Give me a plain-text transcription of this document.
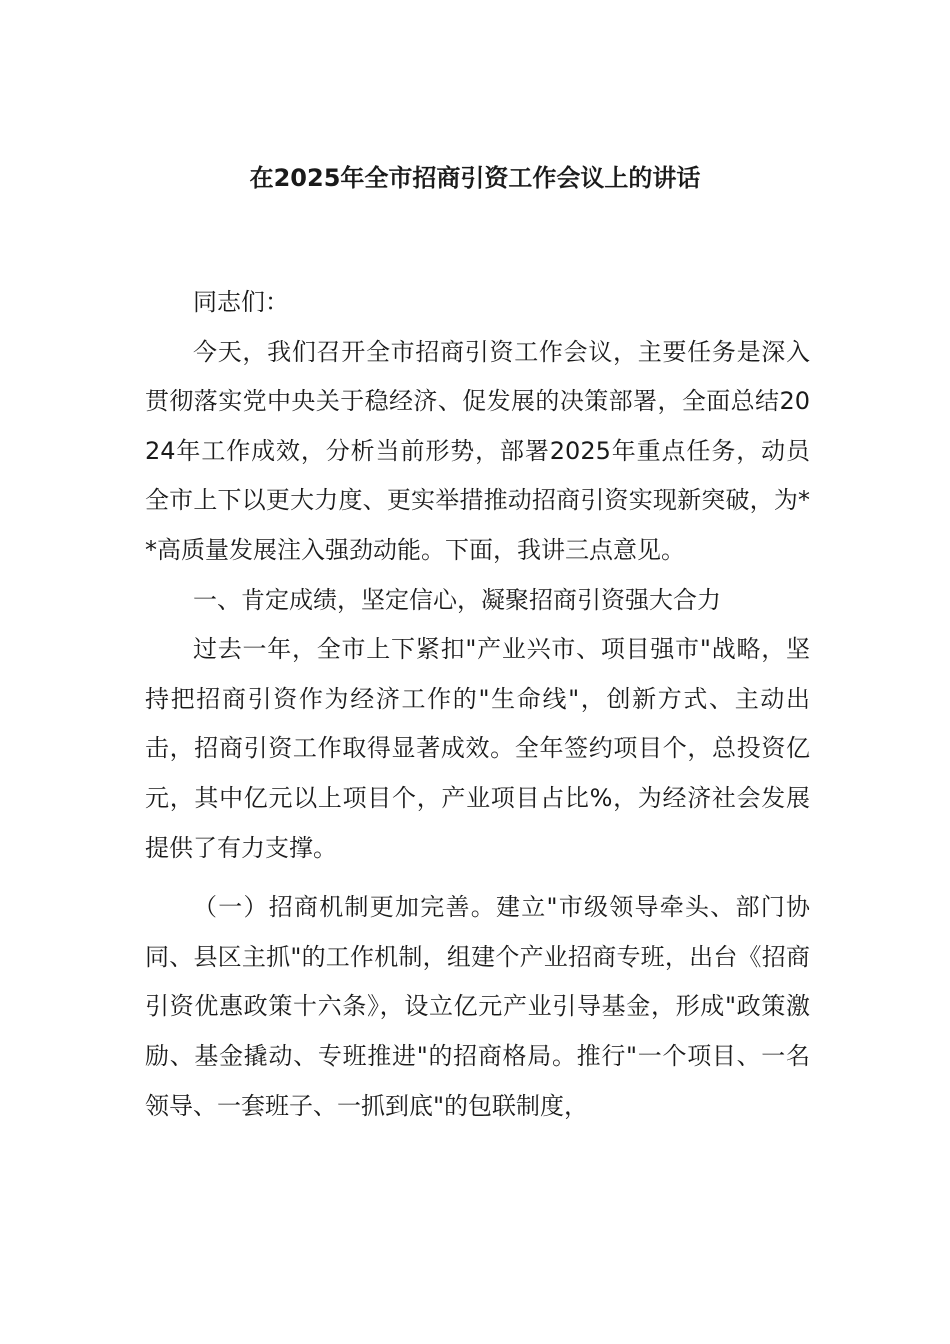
在2025年全市招商引资工作会议上的讲话

同志们：

今天，我们召开全市招商引资工作会议，主要任务是深入贯彻落实党中央关于稳经济、促发展的决策部署，全面总结2024年工作成效，分析当前形势，部署2025年重点任务，动员全市上下以更大力度、更实举措推动招商引资实现新突破，为**高质量发展注入强劲动能。下面，我讲三点意见。

一、肯定成绩，坚定信心，凝聚招商引资强大合力

过去一年，全市上下紧扣"产业兴市、项目强市"战略，坚持把招商引资作为经济工作的"生命线"，创新方式、主动出击，招商引资工作取得显著成效。全年签约项目个，总投资亿元，其中亿元以上项目个，产业项目占比%，为经济社会发展提供了有力支撑。

（一）招商机制更加完善。建立"市级领导牵头、部门协同、县区主抓"的工作机制，组建个产业招商专班，出台《招商引资优惠政策十六条》，设立亿元产业引导基金，形成"政策激励、基金撬动、专班推进"的招商格局。推行"一个项目、一名领导、一套班子、一抓到底"的包联制度，
